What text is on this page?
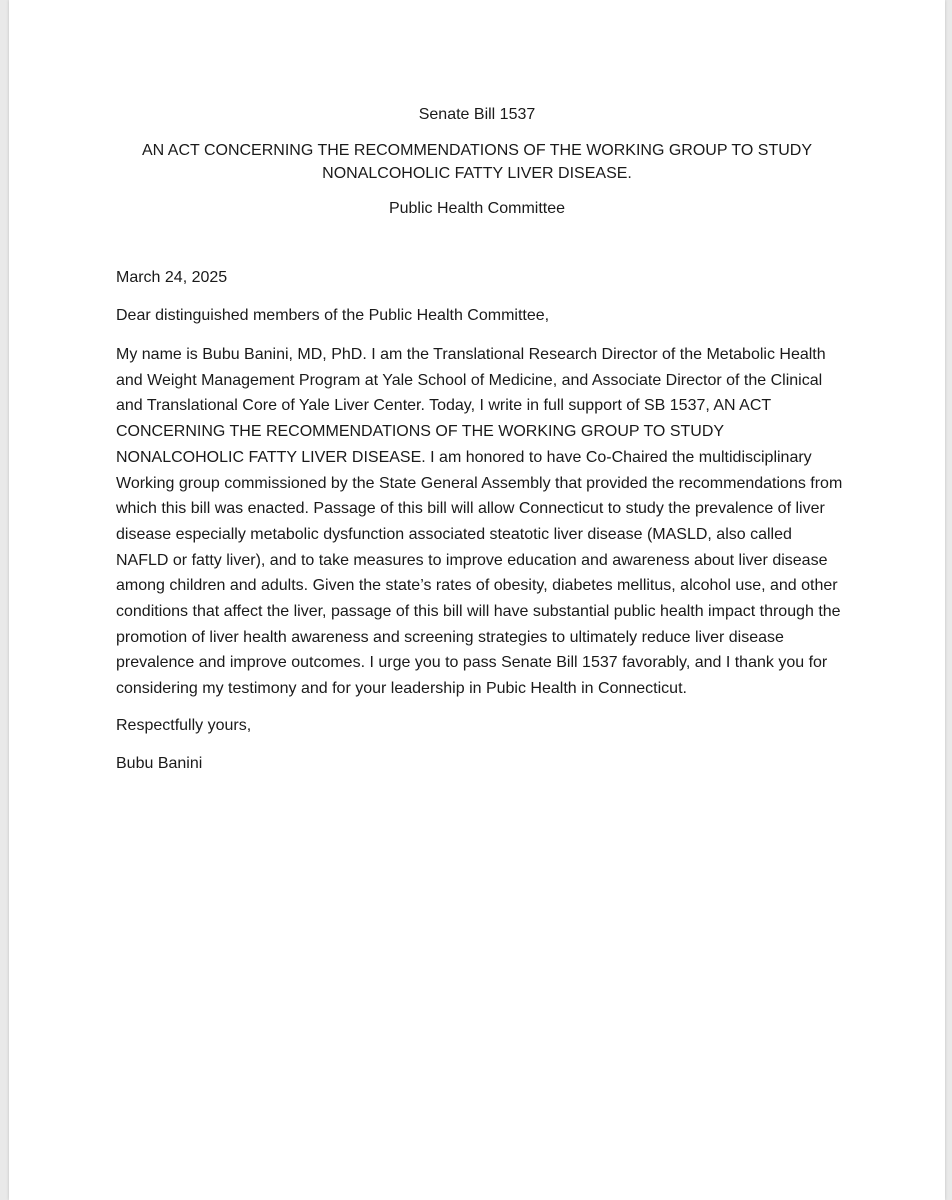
Senate Bill 1537

AN ACT CONCERNING THE RECOMMENDATIONS OF THE WORKING GROUP TO STUDY NONALCOHOLIC FATTY LIVER DISEASE.

Public Health Committee

March 24, 2025

Dear distinguished members of the Public Health Committee,

My name is Bubu Banini, MD, PhD. I am the Translational Research Director of the Metabolic Health and Weight Management Program at Yale School of Medicine, and Associate Director of the Clinical and Translational Core of Yale Liver Center. Today, I write in full support of SB 1537, AN ACT CONCERNING THE RECOMMENDATIONS OF THE WORKING GROUP TO STUDY NONALCOHOLIC FATTY LIVER DISEASE. I am honored to have Co-Chaired the multidisciplinary Working group commissioned by the State General Assembly that provided the recommendations from which this bill was enacted. Passage of this bill will allow Connecticut to study the prevalence of liver disease especially metabolic dysfunction associated steatotic liver disease (MASLD, also called NAFLD or fatty liver), and to take measures to improve education and awareness about liver disease among children and adults. Given the state’s rates of obesity, diabetes mellitus, alcohol use, and other conditions that affect the liver, passage of this bill will have substantial public health impact through the promotion of liver health awareness and screening strategies to ultimately reduce liver disease prevalence and improve outcomes. I urge you to pass Senate Bill 1537 favorably, and I thank you for considering my testimony and for your leadership in Pubic Health in Connecticut.

Respectfully yours,

Bubu Banini
